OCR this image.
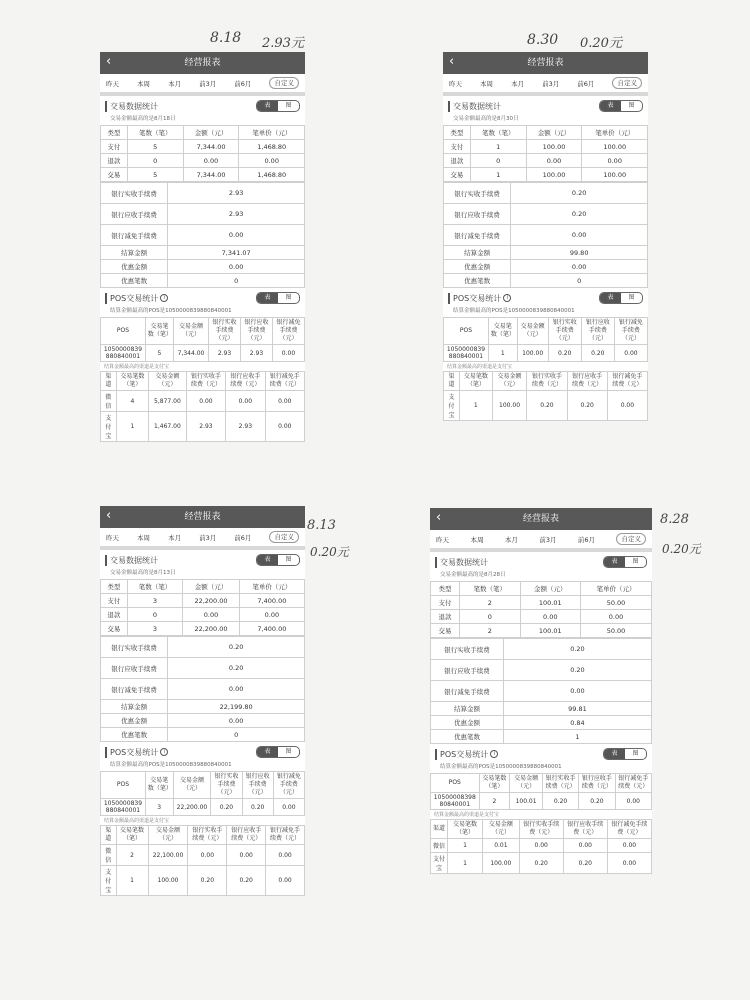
8.18 2.93元	8.30 0.20元
8.13
0.20元
8.28
0.20元
‹	经营报表
昨天	本周	本月	前3月	前6月	自定义
交易数据统计	表	图
交易金额最高的是8月18日
类型	笔数（笔）	金额（元）	笔单价（元）
支付	5	7,344.00	1,468.80
退款	0	0.00	0.00
交易	5	7,344.00	1,468.80
银行实收手续费	2.93
银行应收手续费	2.93
银行减免手续费	0.00
结算金额	7,341.07
优惠金额	0.00
优惠笔数	0
POS交易统计 i	表	图
结算金额最高的POS是1050000839880840001
POS	交易笔数（笔）	交易金额（元）	银行实收手续费（元）	银行应收手续费（元）	银行减免手续费（元）
1050000839880840001	5	7,344.00	2.93	2.93	0.00
结算金额最高的渠道是支付宝
渠道	交易笔数（笔）	交易金额（元）	银行实收手续费（元）	银行应收手续费（元）	银行减免手续费（元）
微信	4	5,877.00	0.00	0.00	0.00
支付宝	1	1,467.00	2.93	2.93	0.00
‹	经营报表
昨天	本周	本月	前3月	前6月	自定义
交易数据统计	表	图
交易金额最高的是8月30日
类型	笔数（笔）	金额（元）	笔单价（元）
支付	1	100.00	100.00
退款	0	0.00	0.00
交易	1	100.00	100.00
银行实收手续费	0.20
银行应收手续费	0.20
银行减免手续费	0.00
结算金额	99.80
优惠金额	0.00
优惠笔数	0
POS交易统计 i	表	图
结算金额最高的POS是1050000839880840001
POS	交易笔数（笔）	交易金额（元）	银行实收手续费（元）	银行应收手续费（元）	银行减免手续费（元）
1050000839880840001	1	100.00	0.20	0.20	0.00
结算金额最高的渠道是支付宝
渠道	交易笔数（笔）	交易金额（元）	银行实收手续费（元）	银行应收手续费（元）	银行减免手续费（元）
支付宝	1	100.00	0.20	0.20	0.00
‹	经营报表
昨天	本周	本月	前3月	前6月	自定义
交易数据统计	表	图
交易金额最高的是8月13日
类型	笔数（笔）	金额（元）	笔单价（元）
支付	3	22,200.00	7,400.00
退款	0	0.00	0.00
交易	3	22,200.00	7,400.00
银行实收手续费	0.20
银行应收手续费	0.20
银行减免手续费	0.00
结算金额	22,199.80
优惠金额	0.00
优惠笔数	0
POS交易统计 i	表	图
结算金额最高的POS是1050000839880840001
POS	交易笔数（笔）	交易金额（元）	银行实收手续费（元）	银行应收手续费（元）	银行减免手续费（元）
1050000839880840001	3	22,200.00	0.20	0.20	0.00
结算金额最高的渠道是支付宝
渠道	交易笔数（笔）	交易金额（元）	银行实收手续费（元）	银行应收手续费（元）	银行减免手续费（元）
微信	2	22,100.00	0.00	0.00	0.00
支付宝	1	100.00	0.20	0.20	0.00
‹	经营报表
昨天	本周	本月	前3月	前6月	自定义
交易数据统计	表	图
交易金额最高的是8月28日
类型	笔数（笔）	金额（元）	笔单价（元）
支付	2	100.01	50.00
退款	0	0.00	0.00
交易	2	100.01	50.00
银行实收手续费	0.20
银行应收手续费	0.20
银行减免手续费	0.00
结算金额	99.81
优惠金额	0.84
优惠笔数	1
POS交易统计 i	表	图
结算金额最高的POS是1050000839880840001
POS	交易笔数（笔）	交易金额（元）	银行实收手续费（元）	银行应收手续费（元）	银行减免手续费（元）
1050000839880840001	2	100.01	0.20	0.20	0.00
结算金额最高的渠道是支付宝
渠道	交易笔数（笔）	交易金额（元）	银行实收手续费（元）	银行应收手续费（元）	银行减免手续费（元）
微信	1	0.01	0.00	0.00	0.00
支付宝	1	100.00	0.20	0.20	0.00
